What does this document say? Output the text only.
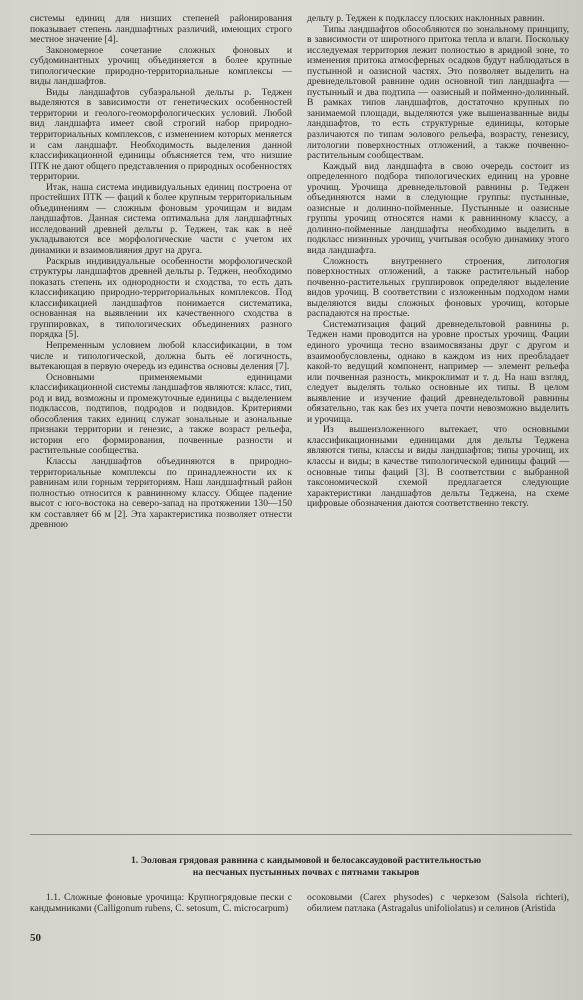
системы единиц для низших степеней районирования показывает степень ландшафтных различий, имеющих строго местное значение [4].

Закономерное сочетание сложных фоновых и субдоминантных урочищ объединяется в более крупные типологические природно-территориальные комплексы — виды ландшафтов.

Виды ландшафтов субаэральной дельты р. Теджен выделяются в зависимости от генетических особенностей территории и геолого-геоморфологических условий. Любой вид ландшафта имеет свой строгий набор природно-территориальных комплексов, с изменением которых меняется и сам ландшафт. Необходимость выделения данной классификационной единицы объясняется тем, что низшие ПТК не дают общего представления о природных особенностях территории.

Итак, наша система индивидуальных единиц построена от простейших ПТК — фаций к более крупным территориальным объединениям — сложным фоновым урочищам и видам ландшафтов. Данная система оптимальна для ландшафтных исследований древней дельты р. Теджен, так как в неё укладываются все морфологические части с учетом их динамики и взаимовлияния друг на друга.

Раскрыв индивидуальные особенности морфологической структуры ландшафтов древней дельты р. Теджен, необходимо показать степень их однородности и сходства, то есть дать классификацию природно-территориальных комплексов. Под классификацией ландшафтов понимается систематика, основанная на выявлении их качественного сходства в группировках, в типологических объединениях разного порядка [5].

Непременным условием любой классификации, в том числе и типологической, должна быть её логичность, вытекающая в первую очередь из единства основы деления [7].

Основными применяемыми единицами классификационной системы ландшафтов являются: класс, тип, род и вид, возможны и промежуточные единицы с выделением подклассов, подтипов, подродов и подвидов. Критериями обособления таких единиц служат зональные и азональные признаки территории и генезис, а также возраст рельефа, история его формирования, почвенные разности и растительные сообщества.

Классы ландшафтов объединяются в природно-территориальные комплексы по принадлежности их к равнинам или горным территориям. Наш ландшафтный район полностью относится к равнинному классу. Общее падение высот с юго-востока на северо-запад на протяжении 130—150 км составляет 66 м [2]. Эта характеристика позволяет отнести древнюю

дельту р. Теджен к подклассу плоских наклонных равнин.

Типы ландшафтов обособляются по зональному принципу, в зависимости от широтного притока тепла и влаги. Поскольку исследуемая территория лежит полностью в аридной зоне, то изменения притока атмосферных осадков будут наблюдаться в пустынной и оазисной частях. Это позволяет выделить на древнедельтовой равнине один основной тип ландшафта — пустынный и два подтипа — оазисный и пойменно-долинный. В рамках типов ландшафтов, достаточно крупных по занимаемой площади, выделяются уже вышеназванные виды ландшафтов, то есть структурные единицы, которые различаются по типам эолового рельефа, возрасту, генезису, литологии поверхностных отложений, а также почвенно-растительным сообществам.

Каждый вид ландшафта в свою очередь состоит из определенного подбора типологических единиц на уровне урочищ. Урочища древнедельтовой равнины р. Теджен объединяются нами в следующие группы: пустынные, оазисные и долинно-пойменные. Пустынные и оазисные группы урочищ относятся нами к равнинному классу, а долинно-пойменные ландшафты необходимо выделить в подкласс низинных урочищ, учитывая особую динамику этого вида ландшафта.

Сложность внутреннего строения, литология поверхностных отложений, а также растительный набор почвенно-растительных группировок определяют выделение видов урочищ. В соответствии с изложенным подходом нами выделяются виды сложных фоновых урочищ, которые распадаются на простые.

Систематизация фаций древнедельтовой равнины р. Теджен нами проводится на уровне простых урочищ. Фации единого урочища тесно взаимосвязаны друг с другом и взаимообусловлены, однако в каждом из них преобладает какой-то ведущий компонент, например — элемент рельефа или почвенная разность, микроклимат и т. д. На наш взгляд, следует выделять только основные их типы. В целом выявление и изучение фаций древнедельтовой равнины обязательно, так как без их учета почти невозможно выделить и урочища.

Из вышеизложенного вытекает, что основными классификационными единицами для дельты Теджена являются типы, классы и виды ландшафтов; типы урочищ, их классы и виды; в качестве типологической единицы фаций — основные типы фаций [3]. В соответствии с выбранной таксономической схемой предлагается следующие характеристики ландшафтов дельты Теджена, на схеме цифровые обозначения даются соответственно тексту.

1. Эоловая грядовая равнина с кандымовой и белосаксаудовой растительностью
на песчаных пустынных почвах с пятнами такыров
1.1. Сложные фоновые урочища: Крупногрядовые пески с кандымниками (Calligonum rubens, C. setosum, C. microcarpum)
осоковыми (Carex physodes) с черкезом (Salsola richteri), обилием патлака (Astragalus unifoliolatus) и селинов (Aristida
50
